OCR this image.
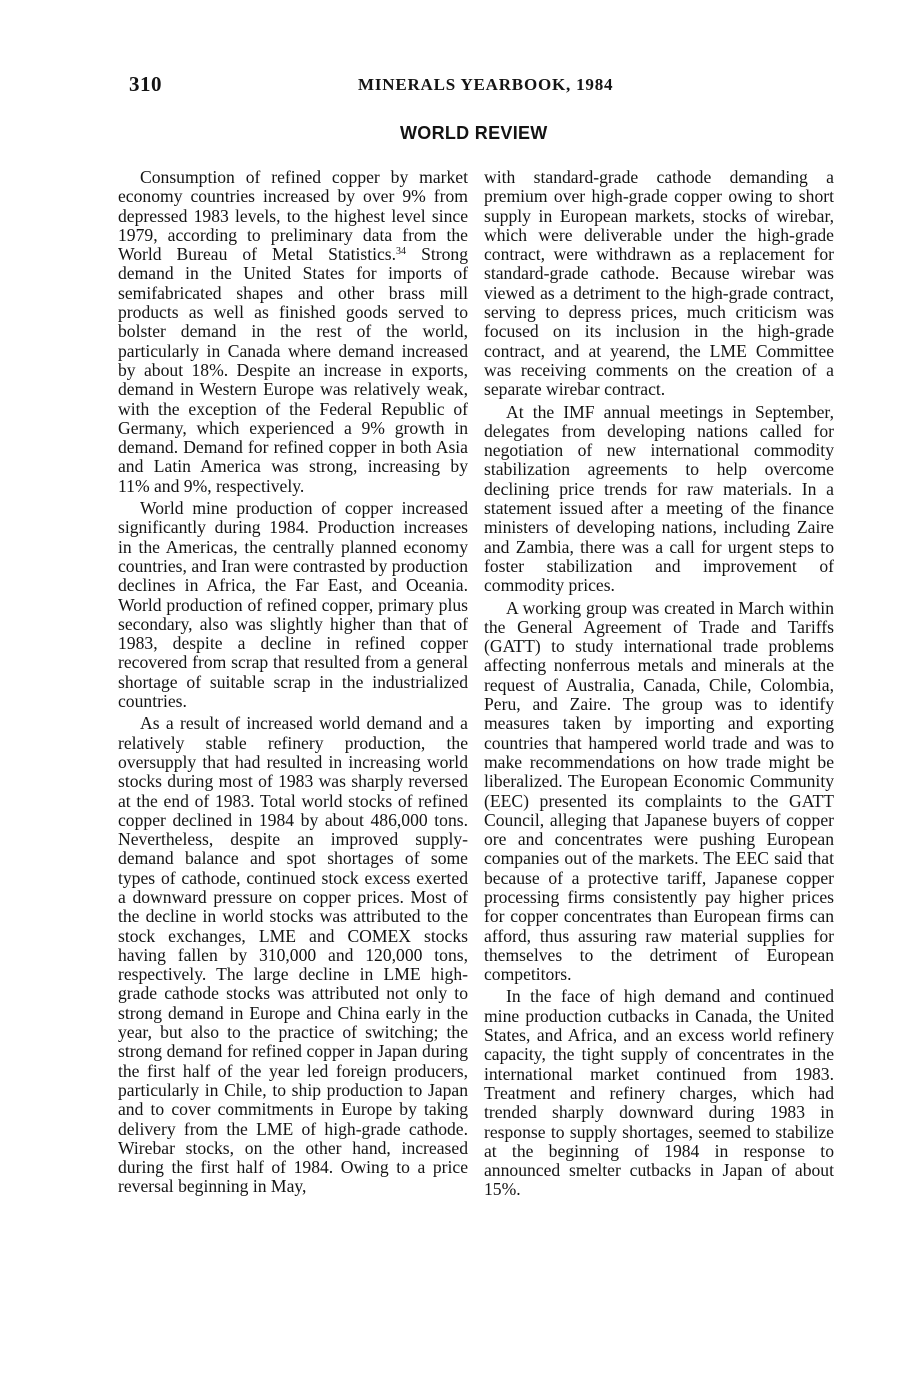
310	MINERALS YEARBOOK, 1984
WORLD REVIEW

Consumption of refined copper by market economy countries increased by over 9% from depressed 1983 levels, to the highest level since 1979, according to preliminary data from the World Bureau of Metal Statistics.$^{34}$ Strong demand in the United States for imports of semifabricated shapes and other brass mill products as well as finished goods served to bolster demand in the rest of the world, particularly in Canada where demand increased by about 18%. Despite an increase in exports, demand in Western Europe was relatively weak, with the exception of the Federal Republic of Germany, which experienced a 9% growth in demand. Demand for refined copper in both Asia and Latin America was strong, increasing by 11% and 9%, respectively.

World mine production of copper increased significantly during 1984. Production increases in the Americas, the centrally planned economy countries, and Iran were contrasted by production declines in Africa, the Far East, and Oceania. World production of refined copper, primary plus secondary, also was slightly higher than that of 1983, despite a decline in refined copper recovered from scrap that resulted from a general shortage of suitable scrap in the industrialized countries.

As a result of increased world demand and a relatively stable refinery production, the oversupply that had resulted in increasing world stocks during most of 1983 was sharply reversed at the end of 1983. Total world stocks of refined copper declined in 1984 by about 486,000 tons. Nevertheless, despite an improved supply-demand balance and spot shortages of some types of cathode, continued stock excess exerted a downward pressure on copper prices. Most of the decline in world stocks was attributed to the stock exchanges, LME and COMEX stocks having fallen by 310,000 and 120,000 tons, respectively. The large decline in LME high-grade cathode stocks was attributed not only to strong demand in Europe and China early in the year, but also to the practice of switching; the strong demand for refined copper in Japan during the first half of the year led foreign producers, particularly in Chile, to ship production to Japan and to cover commitments in Europe by taking delivery from the LME of high-grade cathode. Wirebar stocks, on the other hand, increased during the first half of 1984. Owing to a price reversal beginning in May,

with standard-grade cathode demanding a premium over high-grade copper owing to short supply in European markets, stocks of wirebar, which were deliverable under the high-grade contract, were withdrawn as a replacement for standard-grade cathode. Because wirebar was viewed as a detriment to the high-grade contract, serving to depress prices, much criticism was focused on its inclusion in the high-grade contract, and at yearend, the LME Committee was receiving comments on the creation of a separate wirebar contract.

At the IMF annual meetings in September, delegates from developing nations called for negotiation of new international commodity stabilization agreements to help overcome declining price trends for raw materials. In a statement issued after a meeting of the finance ministers of developing nations, including Zaire and Zambia, there was a call for urgent steps to foster stabilization and improvement of commodity prices.

A working group was created in March within the General Agreement of Trade and Tariffs (GATT) to study international trade problems affecting nonferrous metals and minerals at the request of Australia, Canada, Chile, Colombia, Peru, and Zaire. The group was to identify measures taken by importing and exporting countries that hampered world trade and was to make recommendations on how trade might be liberalized. The European Economic Community (EEC) presented its complaints to the GATT Council, alleging that Japanese buyers of copper ore and concentrates were pushing European companies out of the markets. The EEC said that because of a protective tariff, Japanese copper processing firms consistently pay higher prices for copper concentrates than European firms can afford, thus assuring raw material supplies for themselves to the detriment of European competitors.

In the face of high demand and continued mine production cutbacks in Canada, the United States, and Africa, and an excess world refinery capacity, the tight supply of concentrates in the international market continued from 1983. Treatment and refinery charges, which had trended sharply downward during 1983 in response to supply shortages, seemed to stabilize at the beginning of 1984 in response to announced smelter cutbacks in Japan of about 15%.
